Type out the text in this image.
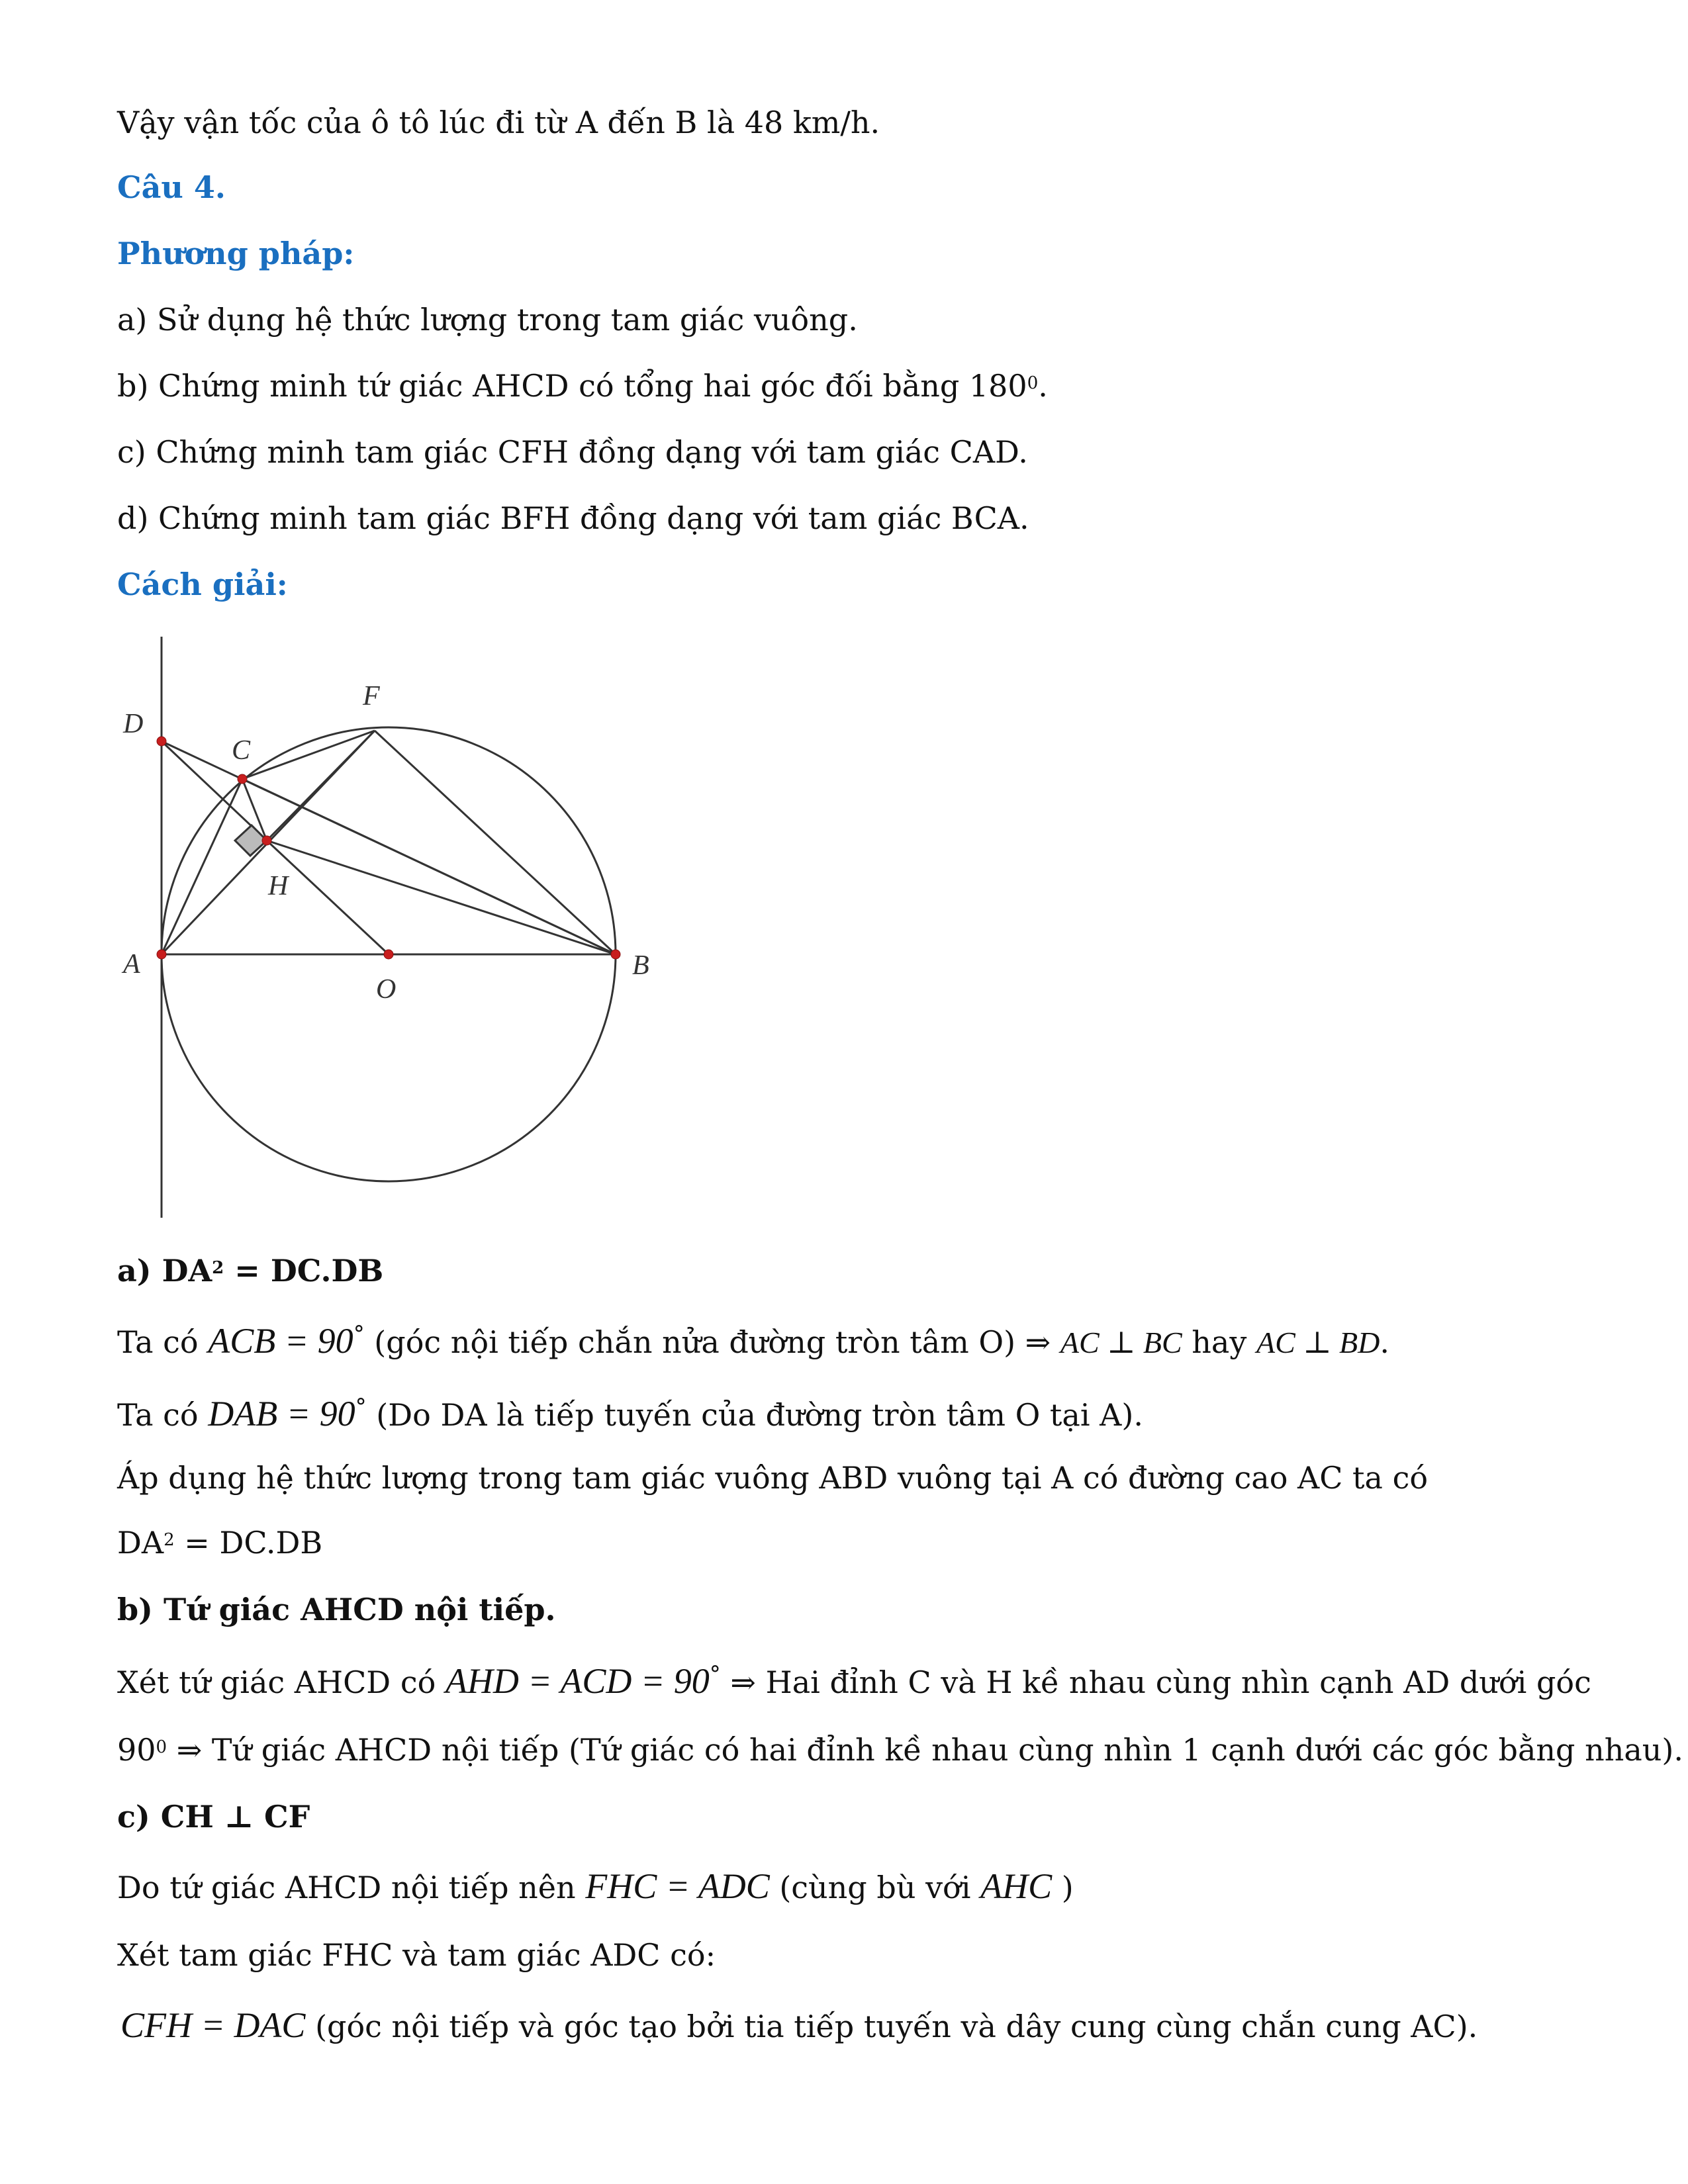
Vậy vận tốc của ô tô lúc đi từ A đến B là 48 km/h.
Câu 4.
Phương pháp:
a) Sử dụng hệ thức lượng trong tam giác vuông.
b) Chứng minh tứ giác AHCD có tổng hai góc đối bằng $180^0$.
c) Chứng minh tam giác CFH đồng dạng với tam giác CAD.
d) Chứng minh tam giác BFH đồng dạng với tam giác BCA.
Cách giải:
D
C
F
H
A
O
B
a) $DA^2 = DC.DB$
Ta có ACB = 90° (góc nội tiếp chắn nửa đường tròn tâm O) ⇒ AC ⊥ BC hay AC ⊥ BD.
Ta có DAB = 90° (Do DA là tiếp tuyến của đường tròn tâm O tại A).
Áp dụng hệ thức lượng trong tam giác vuông ABD vuông tại A có đường cao AC ta có
$DA^2 = DC.DB$
b) Tứ giác AHCD nội tiếp.
Xét tứ giác AHCD có AHD = ACD = 90° ⇒ Hai đỉnh C và H kề nhau cùng nhìn cạnh AD dưới góc
$90^0$ ⇒ Tứ giác AHCD nội tiếp (Tứ giác có hai đỉnh kề nhau cùng nhìn 1 cạnh dưới các góc bằng nhau).
c) CH ⊥ CF
Do tứ giác AHCD nội tiếp nên FHC = ADC (cùng bù với AHC )
Xét tam giác FHC và tam giác ADC có:
CFH = DAC (góc nội tiếp và góc tạo bởi tia tiếp tuyến và dây cung cùng chắn cung AC).
